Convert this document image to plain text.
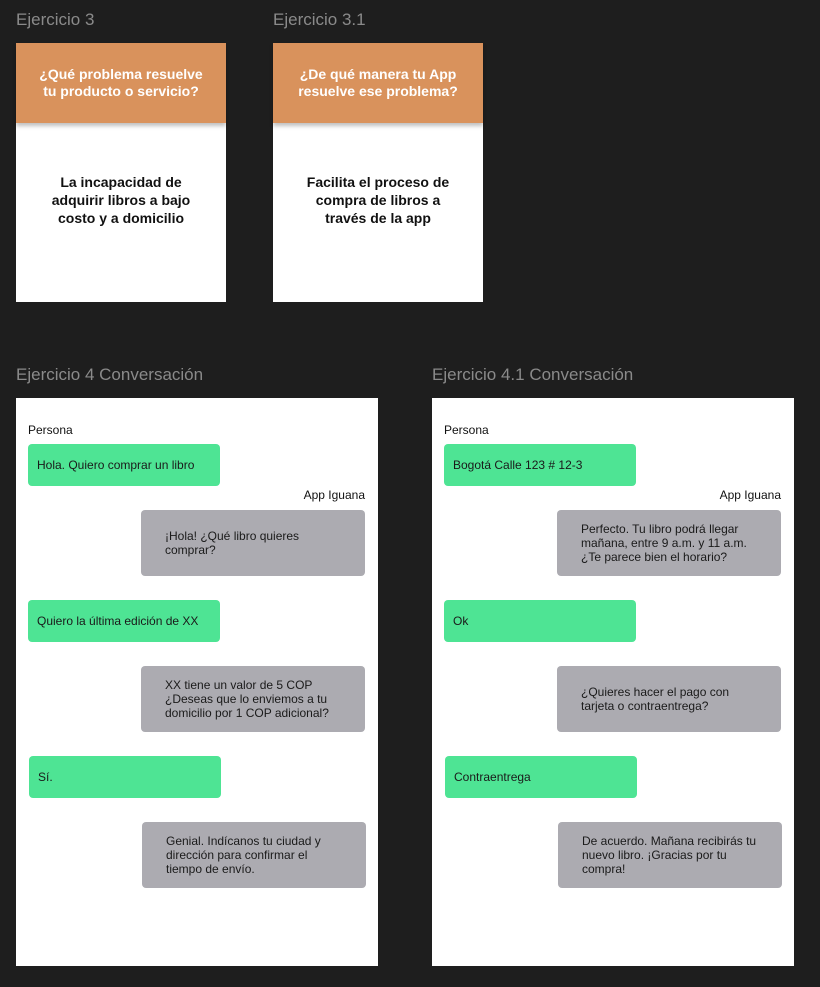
Ejercicio 3
¿Qué problema resuelve tu producto o servicio?
La incapacidad de adquirir libros a bajo costo y a domicilio
Ejercicio 3.1
¿De qué manera tu App resuelve ese problema?
Facilita el proceso de compra de libros a través de la app
Ejercicio 4 Conversación
Persona
Hola. Quiero comprar un libro
App Iguana
¡Hola! ¿Qué libro quieres comprar?
Quiero la última edición de XX
XX tiene un valor de 5 COP ¿Deseas que lo enviemos a tu domicilio por 1 COP adicional?
Sí.
Genial. Indícanos tu ciudad y dirección para confirmar el tiempo de envío.
Ejercicio 4.1 Conversación
Persona
Bogotá Calle 123 # 12-3
App Iguana
Perfecto. Tu libro podrá llegar mañana, entre 9 a.m. y 11 a.m. ¿Te parece bien el horario?
Ok
¿Quieres hacer el pago con tarjeta o contraentrega?
Contraentrega
De acuerdo. Mañana recibirás tu nuevo libro. ¡Gracias por tu compra!
